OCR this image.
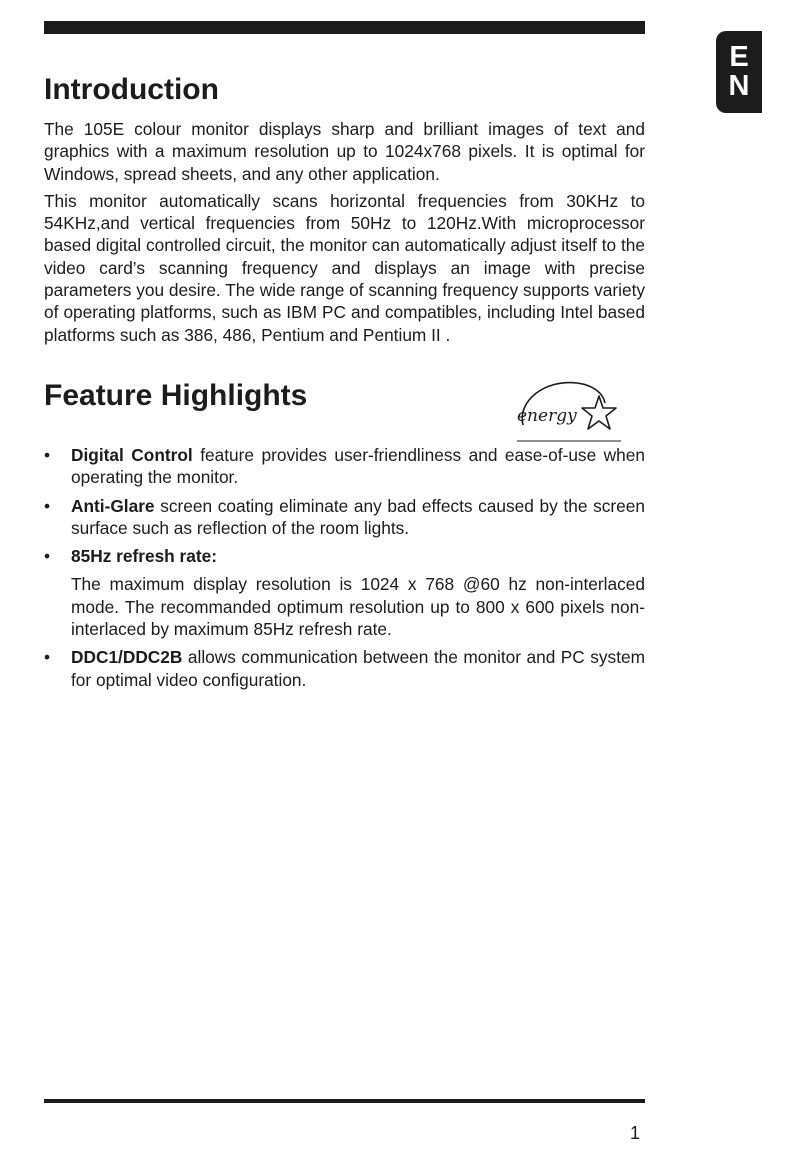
E
N
Introduction

The 105E colour monitor displays sharp and brilliant images of text and graphics with a maximum resolution up to 1024x768 pixels. It is optimal for Windows, spread sheets, and any other application.

This monitor automatically scans horizontal frequencies from 30KHz to 54KHz,and vertical frequencies from 50Hz to 120Hz.With microprocessor based digital controlled circuit, the monitor can automatically adjust itself to the video card’s scanning frequency and displays an image with precise parameters you desire. The wide range of scanning frequency supports variety of operating platforms, such as IBM PC and compatibles, including Intel based platforms such as 386, 486, Pentium and Pentium II .

Feature Highlights
• Digital Control feature provides user-friendliness and ease-of-use when operating the monitor.
• Anti-Glare screen coating eliminate any bad effects caused by the screen surface such as reflection of the room lights.
• 85Hz refresh rate:
The maximum display resolution is 1024 x 768 @60 hz non-interlaced mode. The recommanded optimum resolution up to 800 x 600 pixels non-interlaced by maximum 85Hz refresh rate.
• DDC1/DDC2B allows communication between the monitor and PC system for optimal video configuration.
energy
1
